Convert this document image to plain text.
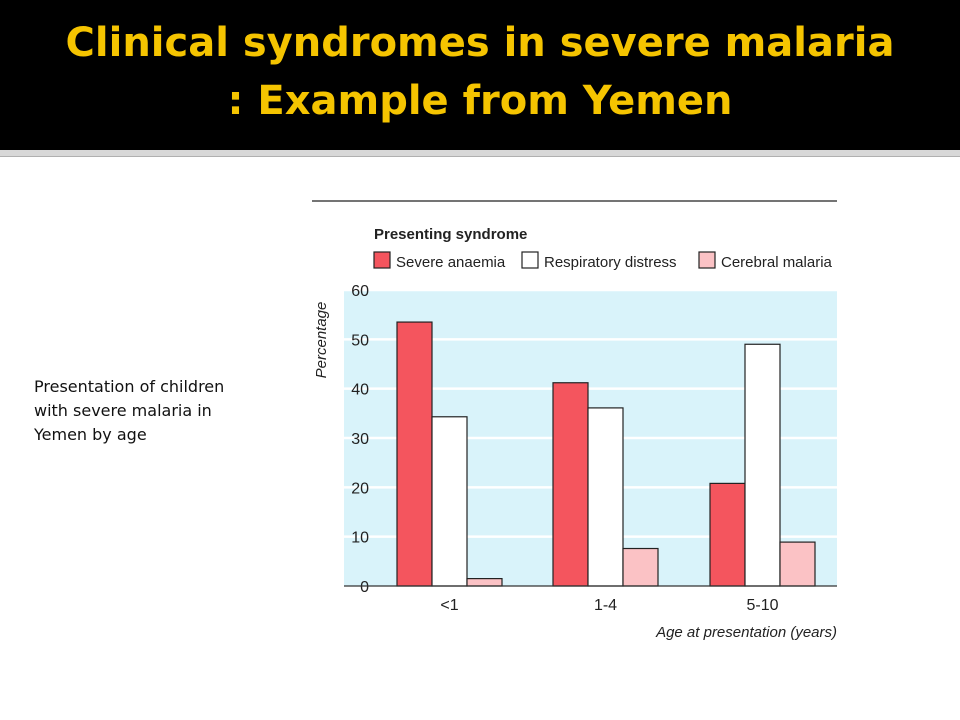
Clinical syndromes in severe malaria
: Example from Yemen
Presentation of children with severe malaria in Yemen by age
Presenting syndrome
Severe anaemia	Respiratory distress	Cerebral malaria
0
10
20
30
40
50
60
<1	1-4	5-10
Percentage
Age at presentation (years)
